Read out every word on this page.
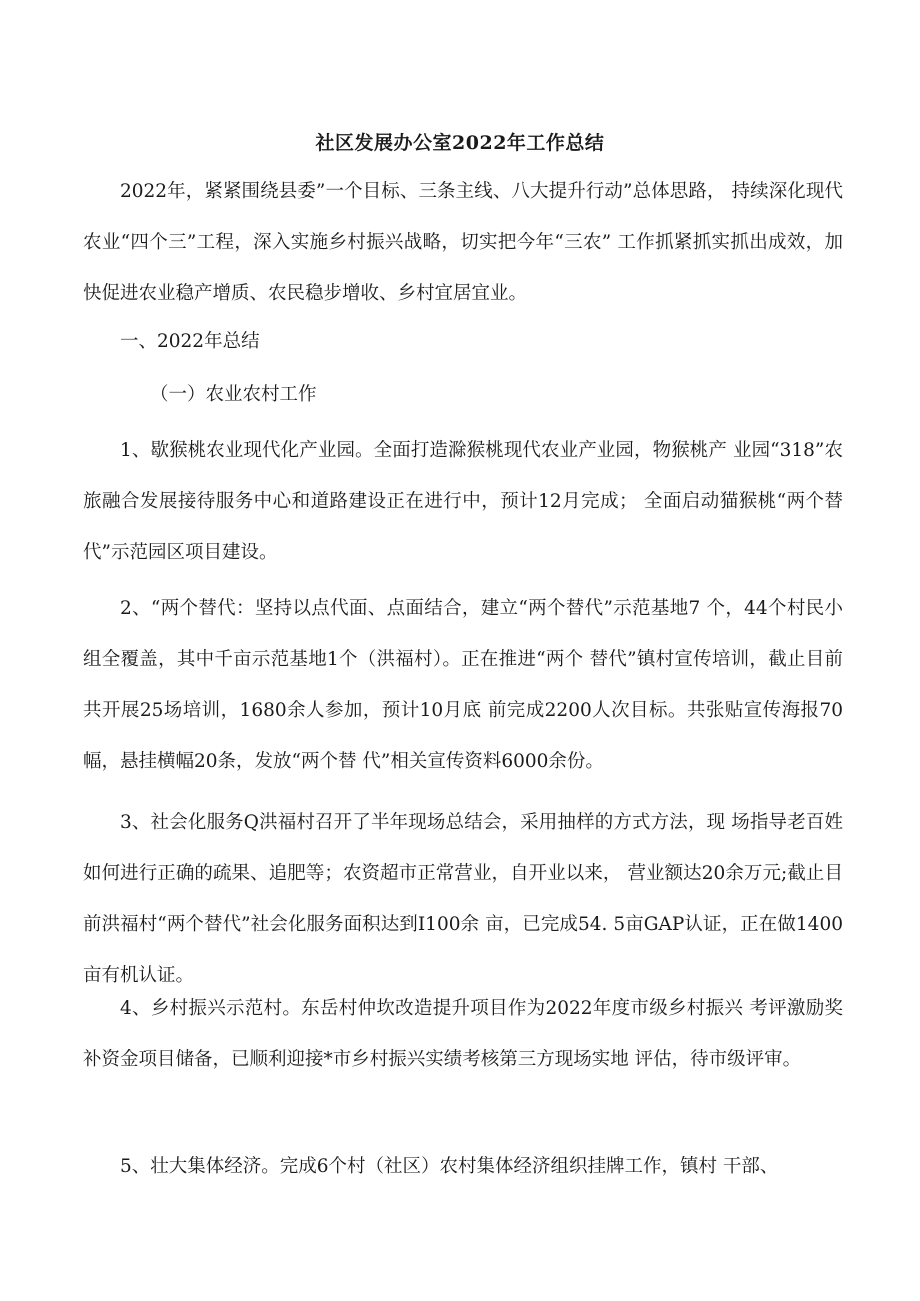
社区发展办公室2022年工作总结

2022年，紧紧围绕县委”一个目标、三条主线、八大提升行动”总体思路， 持续深化现代农业“四个三”工程，深入实施乡村振兴战略，切实把今年“三农” 工作抓紧抓实抓出成效，加快促进农业稳产增质、农民稳步增收、乡村宜居宜业。

一、2022年总结

（一）农业农村工作

1、歇猴桃农业现代化产业园。全面打造滁猴桃现代农业产业园，物猴桃产 业园“318”农旅融合发展接待服务中心和道路建设正在进行中，预计12月完成； 全面启动猫猴桃“两个替代”示范园区项目建设。

2、“两个替代：坚持以点代面、点面结合，建立“两个替代”示范基地7 个，44个村民小组全覆盖，其中千亩示范基地1个（洪福村）。正在推进“两个 替代”镇村宣传培训，截止目前共开展25场培训，1680余人参加，预计10月底 前完成2200人次目标。共张贴宣传海报70幅，悬挂横幅20条，发放“两个替 代”相关宣传资料6000余份。

3、社会化服务Q洪福村召开了半年现场总结会，采用抽样的方式方法，现 场指导老百姓如何进行正确的疏果、追肥等；农资超市正常营业，自开业以来， 营业额达20余万元;截止目前洪福村“两个替代”社会化服务面积达到I100余 亩，已完成54. 5亩GAP认证，正在做1400亩有机认证。

4、乡村振兴示范村。东岳村仲坎改造提升项目作为2022年度市级乡村振兴 考评激励奖补资金项目储备，已顺利迎接*市乡村振兴实绩考核第三方现场实地 评估，待市级评审。

5、壮大集体经济。完成6个村（社区）农村集体经济组织挂牌工作，镇村 干部、
